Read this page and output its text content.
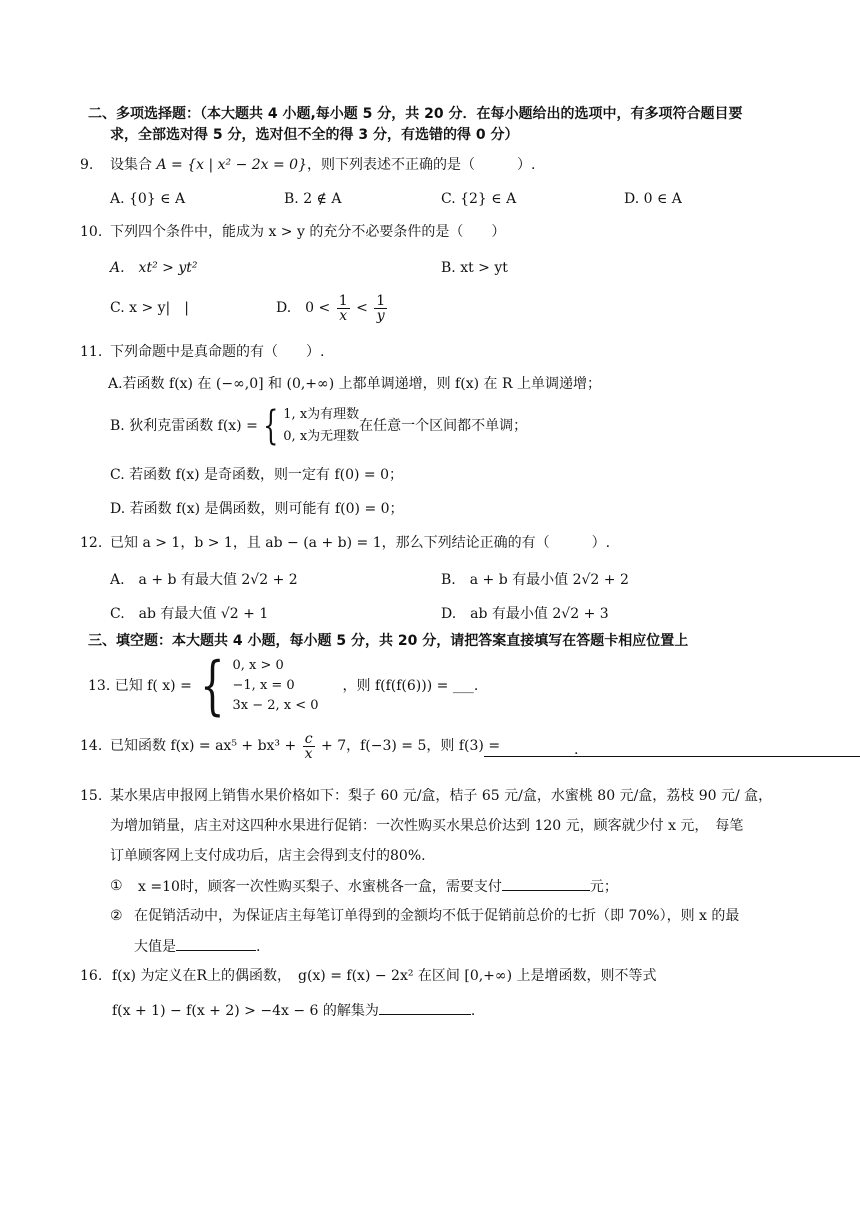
二、多项选择题：（本大题共 4 小题,每小题 5 分，共 20 分．在每小题给出的选项中，有多项符合题目要
求，全部选对得 5 分，选对但不全的得 3 分，有选错的得 0 分）
9. 设集合 A = {x | x² − 2x = 0}，则下列表述不正确的是（　　　）.
A. {0} ∈ A	B. 2 ∉ A	C. {2} ∈ A	D. 0 ∈ A
10. 下列四个条件中，能成为 x > y 的充分不必要条件的是（　　）
A.　xt² > yt²	B. xt > yt
C. x > y|　|	D.　$0 < \frac{1}{x} < \frac{1}{y}$
11. 下列命题中是真命题的有（　　）.
A.若函数 f(x) 在 (−∞,0] 和 (0,+∞) 上都单调递增，则 f(x) 在 R 上单调递增；
B. 狄利克雷函数 f(x) = { 1, x为有理数
0, x为无理数
在任意一个区间都不单调；
C. 若函数 f(x) 是奇函数，则一定有 f(0) = 0；
D. 若函数 f(x) 是偶函数，则可能有 f(0) = 0；
12. 已知 a > 1，b > 1，且 ab − (a + b) = 1，那么下列结论正确的有（　　　）.
A.　a + b 有最大值 2√2 + 2	B.　a + b 有最小值 2√2 + 2
C.　ab 有最大值 √2 + 1	D.　ab 有最小值 2√2 + 3
三、填空题：本大题共 4 小题，每小题 5 分，共 20 分，请把答案直接填写在答题卡相应位置上
13. 已知 f( x) = { 0, x > 0
−1, x = 0
3x − 2, x < 0
，则 f(f(f(6))) = ___.
14. 已知函数 $f(x) = ax^5 + bx^3 + \frac{c}{x} + 7$，f(−3) = 5，则 f(3) =	.
15. 某水果店申报网上销售水果价格如下：梨子 60 元/盒，桔子 65 元/盒，水蜜桃 80 元/盒，荔枝 90 元/ 盒，
为增加销量，店主对这四种水果进行促销：一次性购买水果总价达到 120 元，顾客就少付 x 元，　每笔
订单顾客网上支付成功后，店主会得到支付的80%.
① x =10时，顾客一次性购买梨子、水蜜桃各一盒，需要支付	元；
② 在促销活动中，为保证店主每笔订单得到的金额均不低于促销前总价的七折（即 70%），则 x 的最
大值是	.
16. f(x) 为定义在R上的偶函数，　g(x) = f(x) − 2x² 在区间 [0,+∞) 上是增函数，则不等式
f(x + 1) − f(x + 2) > −4x − 6 的解集为	.
